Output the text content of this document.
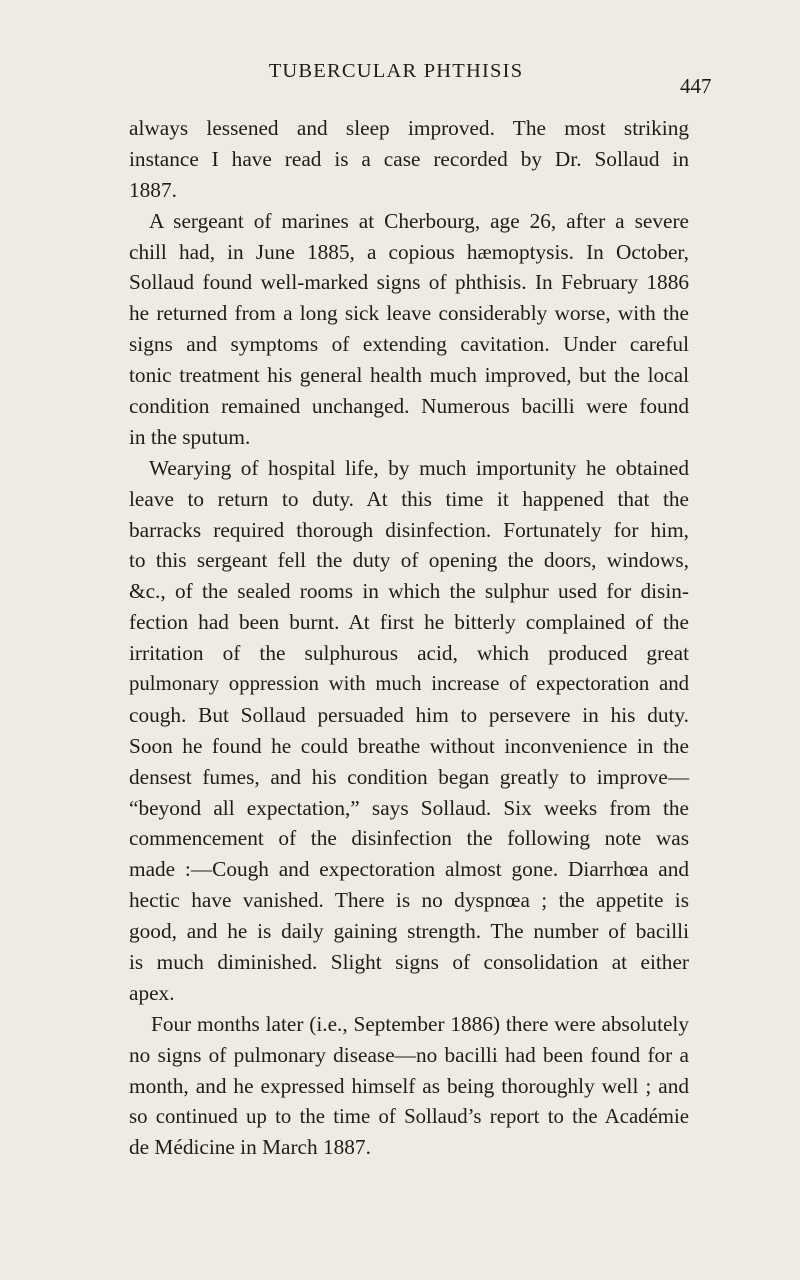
TUBERCULAR PHTHISIS
447
always lessened and sleep improved. The most striking
instance I have read is a case recorded by Dr. Sollaud in
1887.
A sergeant of marines at Cherbourg, age 26, after a severe
chill had, in June 1885, a copious hæmoptysis. In October,
Sollaud found well-marked signs of phthisis. In February 1886
he returned from a long sick leave considerably worse, with the
signs and symptoms of extending cavitation. Under careful
tonic treatment his general health much improved, but the local
condition remained unchanged. Numerous bacilli were found
in the sputum.
Wearying of hospital life, by much importunity he obtained
leave to return to duty. At this time it happened that the
barracks required thorough disinfection. Fortunately for him,
to this sergeant fell the duty of opening the doors, windows,
&c., of the sealed rooms in which the sulphur used for disin-
fection had been burnt. At first he bitterly complained of the
irritation of the sulphurous acid, which produced great
pulmonary oppression with much increase of expectoration and
cough. But Sollaud persuaded him to persevere in his duty.
Soon he found he could breathe without inconvenience in the
densest fumes, and his condition began greatly to improve—
“beyond all expectation,” says Sollaud. Six weeks from the
commencement of the disinfection the following note was
made :—Cough and expectoration almost gone. Diarrhœa and
hectic have vanished. There is no dyspnœa ; the appetite is
good, and he is daily gaining strength. The number of bacilli
is much diminished. Slight signs of consolidation at either
apex.
Four months later (i.e., September 1886) there were absolutely
no signs of pulmonary disease—no bacilli had been found for a
month, and he expressed himself as being thoroughly well ; and
so continued up to the time of Sollaud’s report to the Académie
de Médicine in March 1887.
